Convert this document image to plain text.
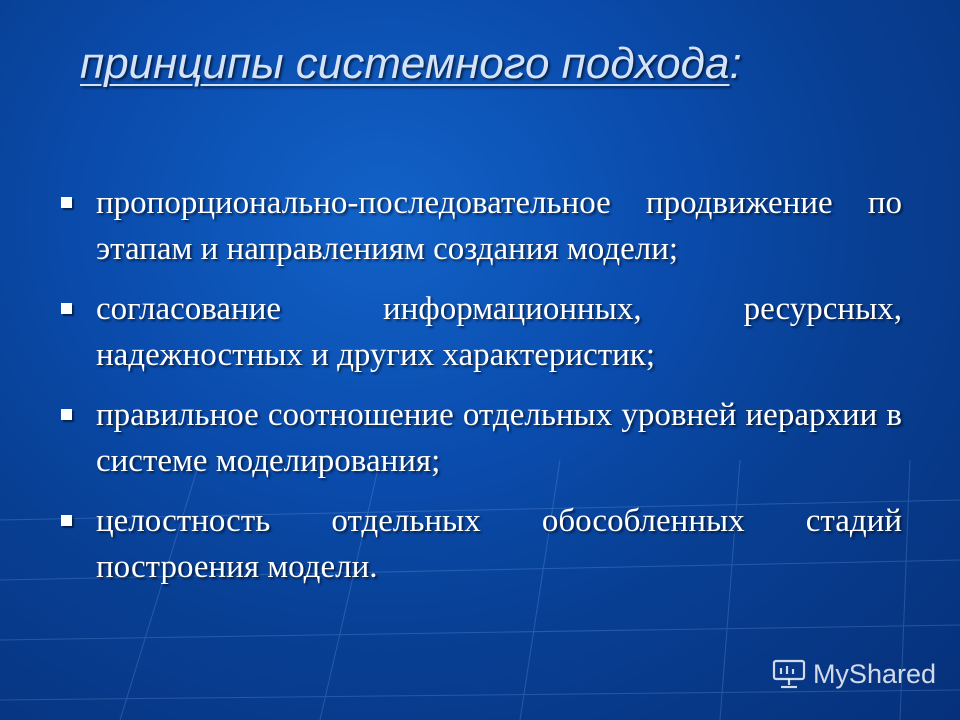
принципы системного подхода:
пропорционально-последовательное продвижение по этапам и направлениям создания модели;
согласование информационных, ресурсных, надежностных и других характеристик;
правильное соотношение отдельных уровней иерархии в системе моделирования;
целостность отдельных обособленных стадий построения модели.
MyShared
